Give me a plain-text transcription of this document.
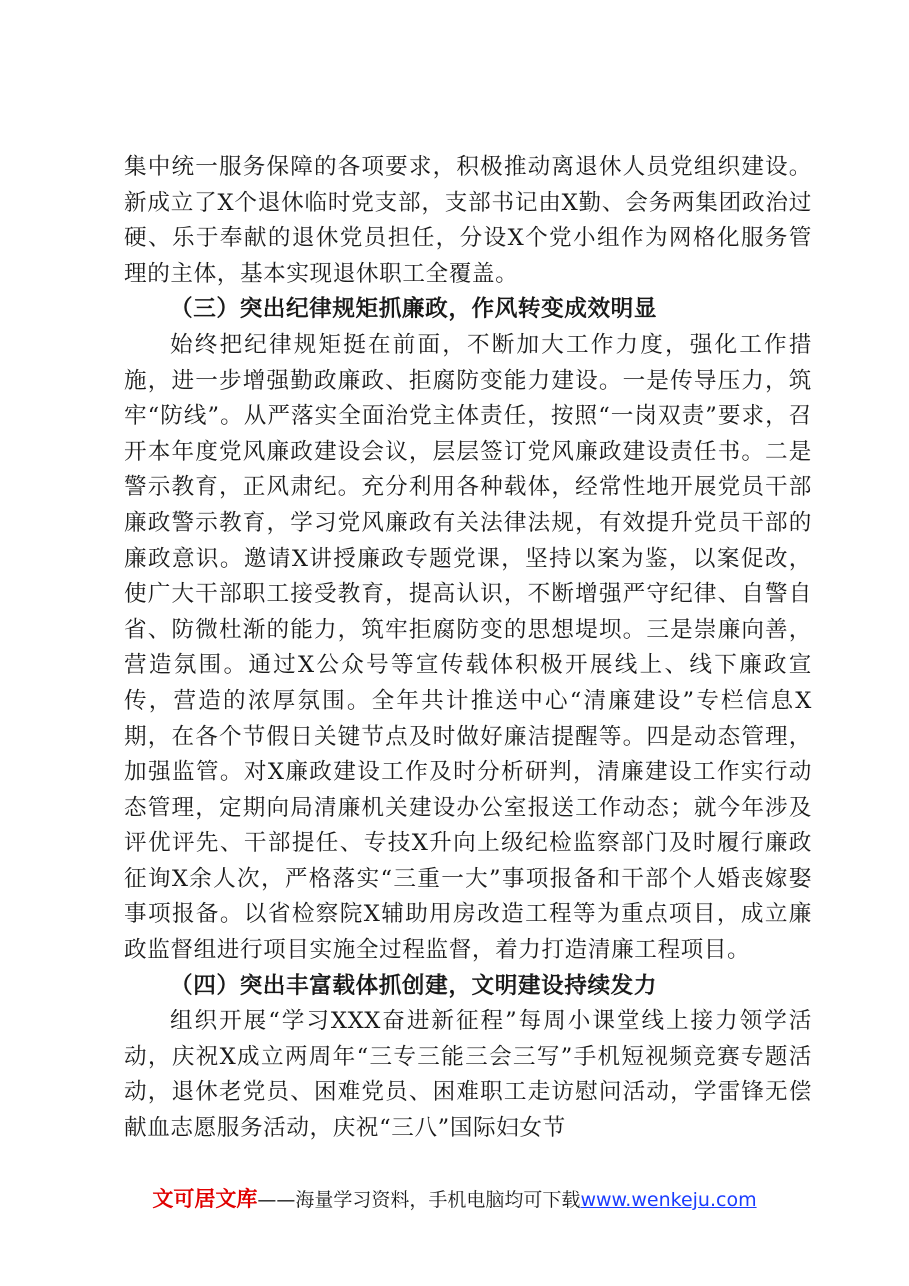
集中统一服务保障的各项要求，积极推动离退休人员党组织建设。新成立了X个退休临时党支部，支部书记由X勤、会务两集团政治过硬、乐于奉献的退休党员担任，分设X个党小组作为网格化服务管理的主体，基本实现退休职工全覆盖。

（三）突出纪律规矩抓廉政，作风转变成效明显

始终把纪律规矩挺在前面，不断加大工作力度，强化工作措施，进一步增强勤政廉政、拒腐防变能力建设。一是传导压力，筑牢“防线”。从严落实全面治党主体责任，按照“一岗双责”要求，召开本年度党风廉政建设会议，层层签订党风廉政建设责任书。二是警示教育，正风肃纪。充分利用各种载体，经常性地开展党员干部廉政警示教育，学习党风廉政有关法律法规，有效提升党员干部的廉政意识。邀请X讲授廉政专题党课，坚持以案为鉴，以案促改，使广大干部职工接受教育，提高认识，不断增强严守纪律、自警自省、防微杜渐的能力，筑牢拒腐防变的思想堤坝。三是崇廉向善，营造氛围。通过X公众号等宣传载体积极开展线上、线下廉政宣传，营造的浓厚氛围。全年共计推送中心“清廉建设”专栏信息X期，在各个节假日关键节点及时做好廉洁提醒等。四是动态管理，加强监管。对X廉政建设工作及时分析研判，清廉建设工作实行动态管理，定期向局清廉机关建设办公室报送工作动态；就今年涉及评优评先、干部提任、专技X升向上级纪检监察部门及时履行廉政征询X余人次，严格落实“三重一大”事项报备和干部个人婚丧嫁娶事项报备。以省检察院X辅助用房改造工程等为重点项目，成立廉政监督组进行项目实施全过程监督，着力打造清廉工程项目。

（四）突出丰富载体抓创建，文明建设持续发力

组织开展“学习XXX奋进新征程”每周小课堂线上接力领学活动，庆祝X成立两周年“三专三能三会三写”手机短视频竞赛专题活动，退休老党员、困难党员、困难职工走访慰问活动，学雷锋无偿献血志愿服务活动，庆祝“三八”国际妇女节

文可居文库——海量学习资料，手机电脑均可下载www.wenkeju.com
